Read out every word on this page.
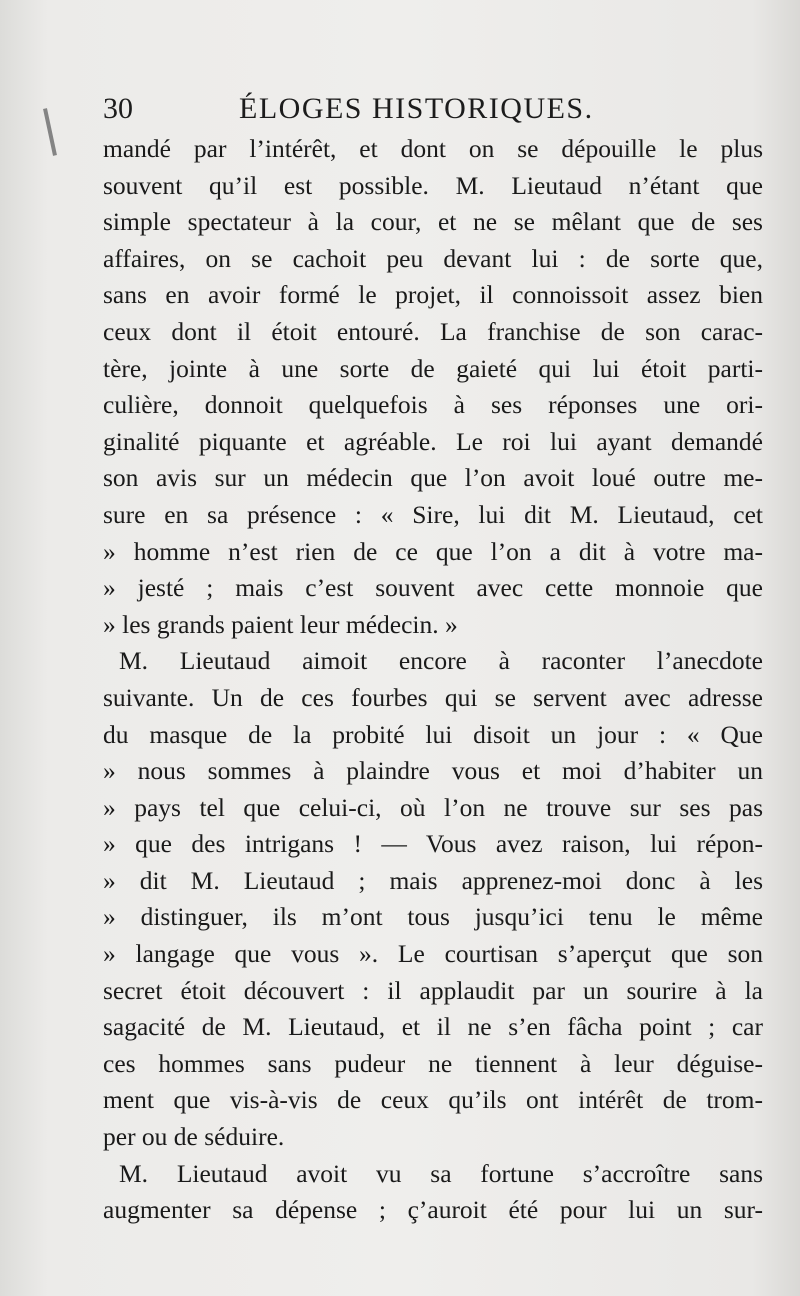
30	ÉLOGES HISTORIQUES.
mandé par l’intérêt, et dont on se dépouille le plus
souvent qu’il est possible. M. Lieutaud n’étant que
simple spectateur à la cour, et ne se mêlant que de ses
affaires, on se cachoit peu devant lui : de sorte que,
sans en avoir formé le projet, il connoissoit assez bien
ceux dont il étoit entouré. La franchise de son carac-
tère, jointe à une sorte de gaieté qui lui étoit parti-
culière, donnoit quelquefois à ses réponses une ori-
ginalité piquante et agréable. Le roi lui ayant demandé
son avis sur un médecin que l’on avoit loué outre me-
sure en sa présence : « Sire, lui dit M. Lieutaud, cet
» homme n’est rien de ce que l’on a dit à votre ma-
» jesté ; mais c’est souvent avec cette monnoie que
» les grands paient leur médecin. »
M. Lieutaud aimoit encore à raconter l’anecdote
suivante. Un de ces fourbes qui se servent avec adresse
du masque de la probité lui disoit un jour : « Que
» nous sommes à plaindre vous et moi d’habiter un
» pays tel que celui-ci, où l’on ne trouve sur ses pas
» que des intrigans ! — Vous avez raison, lui répon-
» dit M. Lieutaud ; mais apprenez-moi donc à les
» distinguer, ils m’ont tous jusqu’ici tenu le même
» langage que vous ». Le courtisan s’aperçut que son
secret étoit découvert : il applaudit par un sourire à la
sagacité de M. Lieutaud, et il ne s’en fâcha point ; car
ces hommes sans pudeur ne tiennent à leur déguise-
ment que vis-à-vis de ceux qu’ils ont intérêt de trom-
per ou de séduire.
M. Lieutaud avoit vu sa fortune s’accroître sans
augmenter sa dépense ; ç’auroit été pour lui un sur-
